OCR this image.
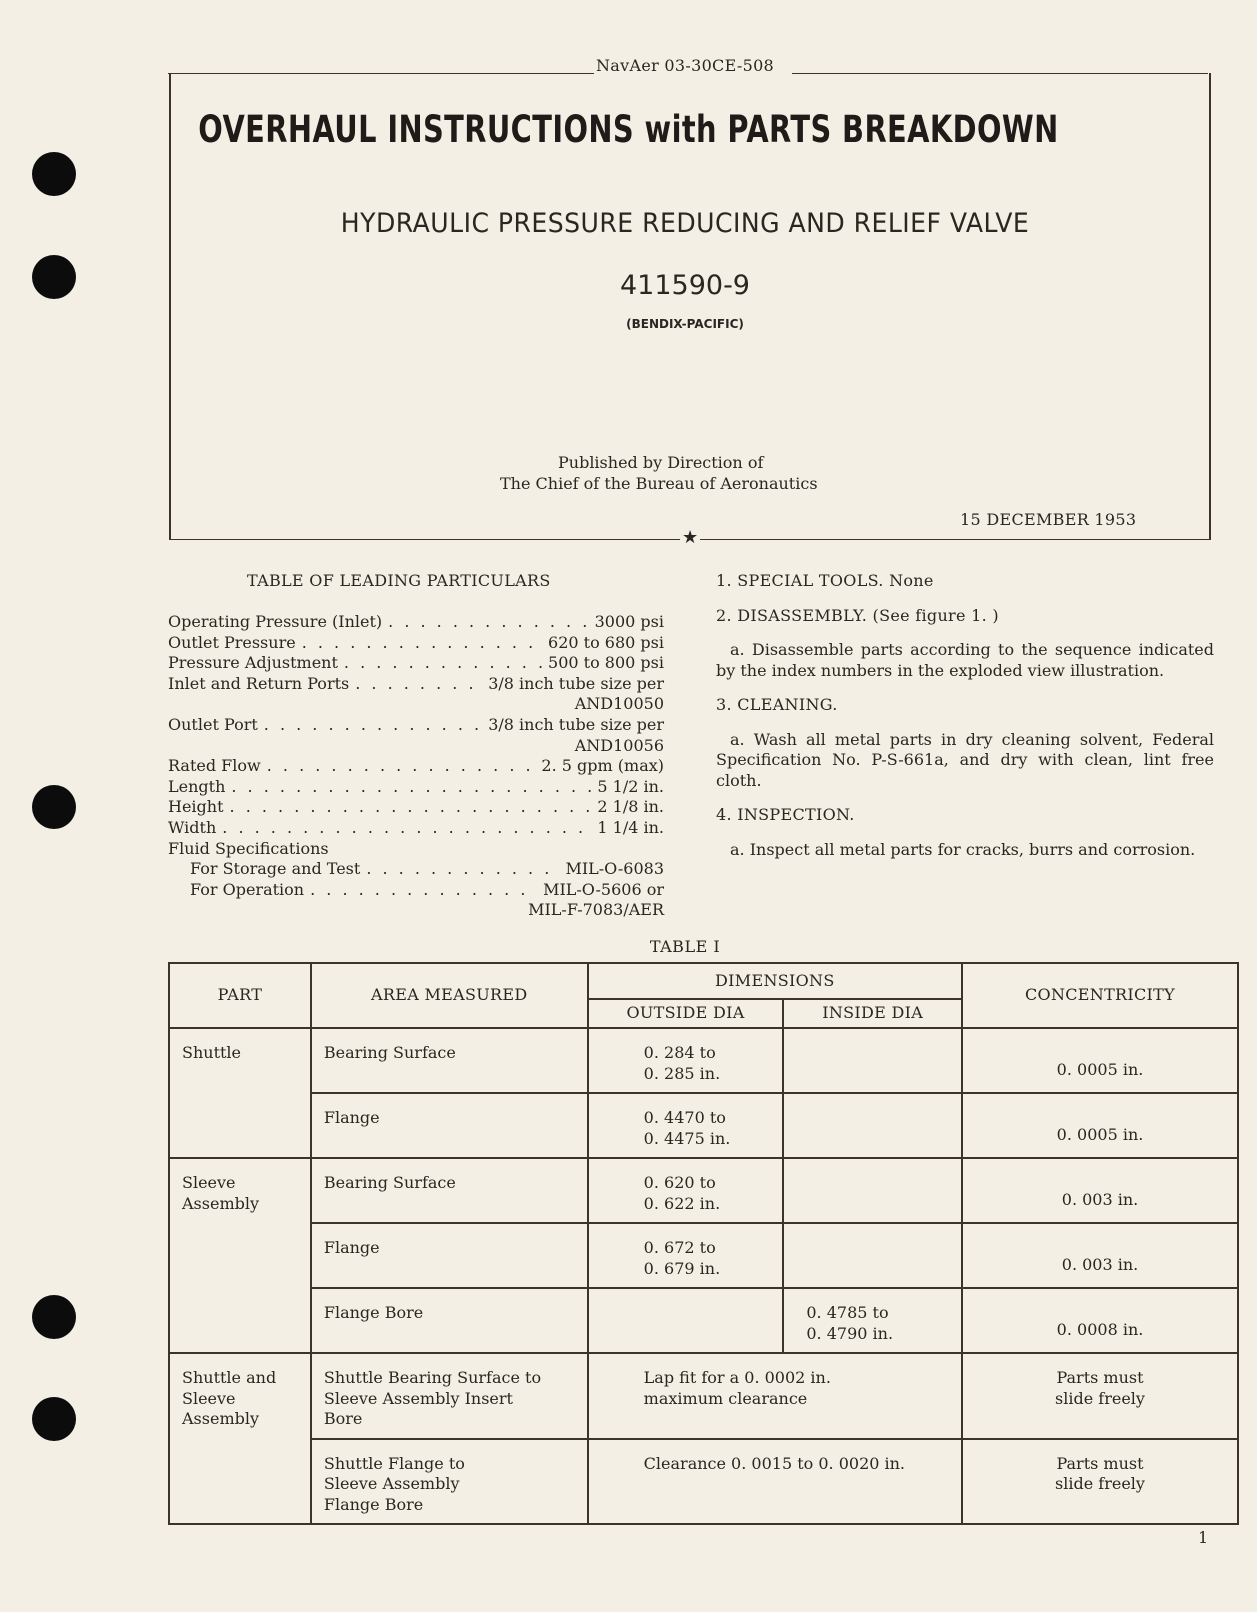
NavAer 03-30CE-508
OVERHAUL INSTRUCTIONS with PARTS BREAKDOWN
HYDRAULIC PRESSURE REDUCING AND RELIEF VALVE
411590-9
(BENDIX-PACIFIC)
Published by Direction of
The Chief of the Bureau of Aeronautics
15 DECEMBER 1953
★
TABLE OF LEADING PARTICULARS
Operating Pressure (Inlet) . . .	3000 psi
Outlet Pressure . . .	620 to 680 psi
Pressure Adjustment . . .	500 to 800 psi
Inlet and Return Ports . . .	3/8 inch tube size per
AND10050
Outlet Port . . .	3/8 inch tube size per
AND10056
Rated Flow . . .	2. 5 gpm (max)
Length . . .	5 1/2 in.
Height . . .	2 1/8 in.
Width . . .	1 1/4 in.
Fluid Specifications
For Storage and Test . . .	MIL-O-6083
For Operation . . .	MIL-O-5606 or
MIL-F-7083/AER
1. SPECIAL TOOLS. None
2. DISASSEMBLY. (See figure 1. )
a. Disassemble parts according to the sequence indicated by the index numbers in the exploded view illustration.
3. CLEANING.
a. Wash all metal parts in dry cleaning solvent, Federal Specification No. P-S-661a, and dry with clean, lint free cloth.
4. INSPECTION.
a. Inspect all metal parts for cracks, burrs and corrosion.
TABLE I
PART	AREA MEASURED	DIMENSIONS		CONCENTRICITY
		OUTSIDE DIA	INSIDE DIA	
Shuttle	Bearing Surface	0. 284 to
0. 285 in.		0. 0005 in.
	Flange	0. 4470 to
0. 4475 in.		0. 0005 in.

Sleeve Assembly	Bearing Surface	0. 620 to
0. 622 in.		0. 003 in.
	Flange	0. 672 to
0. 679 in.		0. 003 in.
	Flange Bore		0. 4785 to
0. 4790 in.	0. 0008 in.

Shuttle and Sleeve Assembly	Shuttle Bearing Surface to Sleeve Assembly Insert Bore	Lap fit for a 0. 0002 in. maximum clearance		Parts must slide freely

	Shuttle Flange to Sleeve Assembly Flange Bore	Clearance 0. 0015 to 0. 0020 in.		Parts must slide freely
1
